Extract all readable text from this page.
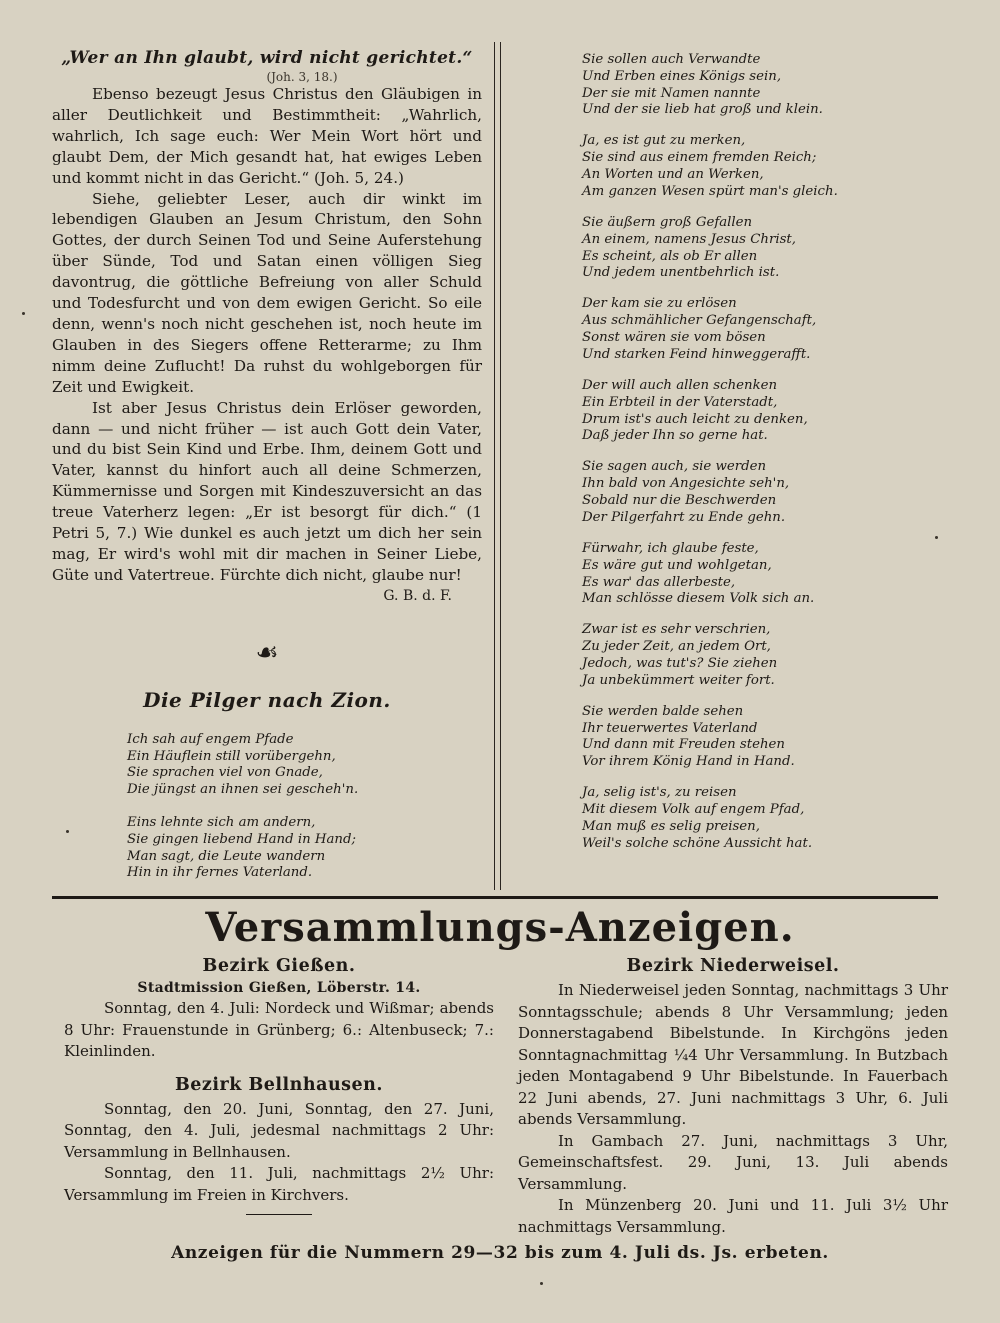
„Wer an Ihn glaubt, wird nicht gerichtet.“

(Joh. 3, 18.)

Ebenso bezeugt Jesus Christus den Gläubigen in aller Deutlichkeit und Bestimmtheit: „Wahrlich, wahrlich, Ich sage euch: Wer Mein Wort hört und glaubt Dem, der Mich gesandt hat, hat ewiges Leben und kommt nicht in das Gericht.“ (Joh. 5, 24.)

Siehe, geliebter Leser, auch dir winkt im lebendigen Glauben an Jesum Christum, den Sohn Gottes, der durch Seinen Tod und Seine Auferstehung über Sünde, Tod und Satan einen völligen Sieg davontrug, die göttliche Befreiung von aller Schuld und Todesfurcht und von dem ewigen Gericht. So eile denn, wenn's noch nicht geschehen ist, noch heute im Glauben in des Siegers offene Retterarme; zu Ihm nimm deine Zuflucht! Da ruhst du wohlgeborgen für Zeit und Ewigkeit.

Ist aber Jesus Christus dein Erlöser geworden, dann — und nicht früher — ist auch Gott dein Vater, und du bist Sein Kind und Erbe. Ihm, deinem Gott und Vater, kannst du hinfort auch all deine Schmerzen, Kümmernisse und Sorgen mit Kindeszuversicht an das treue Vaterherz legen: „Er ist besorgt für dich.“ (1 Petri 5, 7.) Wie dunkel es auch jetzt um dich her sein mag, Er wird's wohl mit dir machen in Seiner Liebe, Güte und Vatertreue. Fürchte dich nicht, glaube nur!

G. B. d. F.

☙

Die Pilger nach Zion.

Ich sah auf engem Pfade
Ein Häuflein still vorübergehn,
Sie sprachen viel von Gnade,
Die jüngst an ihnen sei gescheh'n.
Eins lehnte sich am andern,
Sie gingen liebend Hand in Hand;
Man sagt, die Leute wandern
Hin in ihr fernes Vaterland.
Sie sollen auch Verwandte
Und Erben eines Königs sein,
Der sie mit Namen nannte
Und der sie lieb hat groß und klein.
Ja, es ist gut zu merken,
Sie sind aus einem fremden Reich;
An Worten und an Werken,
Am ganzen Wesen spürt man's gleich.
Sie äußern groß Gefallen
An einem, namens Jesus Christ,
Es scheint, als ob Er allen
Und jedem unentbehrlich ist.
Der kam sie zu erlösen
Aus schmählicher Gefangenschaft,
Sonst wären sie vom bösen
Und starken Feind hinweggerafft.
Der will auch allen schenken
Ein Erbteil in der Vaterstadt,
Drum ist's auch leicht zu denken,
Daß jeder Ihn so gerne hat.
Sie sagen auch, sie werden
Ihn bald von Angesichte seh'n,
Sobald nur die Beschwerden
Der Pilgerfahrt zu Ende gehn.
Fürwahr, ich glaube feste,
Es wäre gut und wohlgetan,
Es war' das allerbeste,
Man schlösse diesem Volk sich an.
Zwar ist es sehr verschrien,
Zu jeder Zeit, an jedem Ort,
Jedoch, was tut's? Sie ziehen
Ja unbekümmert weiter fort.
Sie werden balde sehen
Ihr teuerwertes Vaterland
Und dann mit Freuden stehen
Vor ihrem König Hand in Hand.
Ja, selig ist's, zu reisen
Mit diesem Volk auf engem Pfad,
Man muß es selig preisen,
Weil's solche schöne Aussicht hat.

Versammlungs-Anzeigen.

Bezirk Gießen.

Stadtmission Gießen, Löberstr. 14.

Sonntag, den 4. Juli: Nordeck und Wißmar; abends 8 Uhr: Frauenstunde in Grünberg; 6.: Altenbuseck; 7.: Kleinlinden.

Bezirk Bellnhausen.

Sonntag, den 20. Juni, Sonntag, den 27. Juni, Sonntag, den 4. Juli, jedesmal nachmittags 2 Uhr: Versammlung in Bellnhausen.

Sonntag, den 11. Juli, nachmittags 2½ Uhr: Versammlung im Freien in Kirchvers.

Bezirk Niederweisel.

In Niederweisel jeden Sonntag, nachmittags 3 Uhr Sonntagsschule; abends 8 Uhr Versammlung; jeden Donnerstagabend Bibelstunde. In Kirchgöns jeden Sonntagnachmittag ¼4 Uhr Versammlung. In Butzbach jeden Montagabend 9 Uhr Bibelstunde. In Fauerbach 22 Juni abends, 27. Juni nachmittags 3 Uhr, 6. Juli abends Versammlung.

In Gambach 27. Juni, nachmittags 3 Uhr, Gemeinschaftsfest. 29. Juni, 13. Juli abends Versammlung.

In Münzenberg 20. Juni und 11. Juli 3½ Uhr nachmittags Versammlung.

Anzeigen für die Nummern 29—32 bis zum 4. Juli ds. Js. erbeten.
